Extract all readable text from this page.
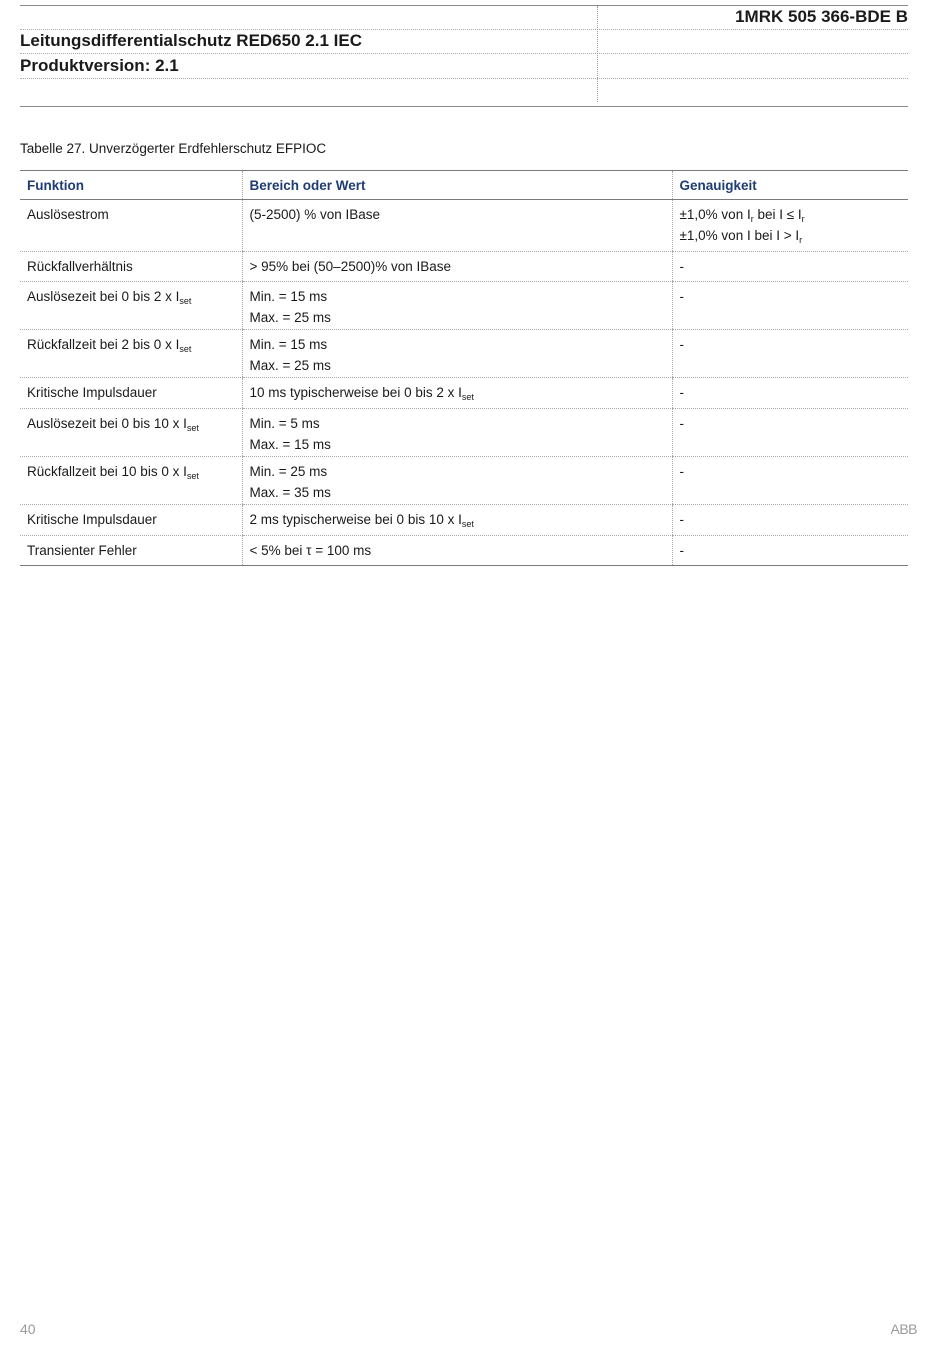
1MRK 505 366-BDE B
Leitungsdifferentialschutz RED650 2.1 IEC
Produktversion: 2.1
Tabelle 27. Unverzögerter Erdfehlerschutz EFPIOC
Funktion	Bereich oder Wert	Genauigkeit

Auslösestrom	(5-2500) % von IBase	±1,0% von $I_r$ bei $I \le I_r$
±1,0% von I bei $I > I_r$

Rückfallverhältnis	> 95% bei (50–2500)% von IBase	-

Auslösezeit bei 0 bis 2 x $I_{set}$	Min. = 15 ms
Max. = 25 ms	-

Rückfallzeit bei 2 bis 0 x $I_{set}$	Min. = 15 ms
Max. = 25 ms	-

Kritische Impulsdauer	10 ms typischerweise bei 0 bis 2 x $I_{set}$	-

Auslösezeit bei 0 bis 10 x $I_{set}$	Min. = 5 ms
Max. = 15 ms	-

Rückfallzeit bei 10 bis 0 x $I_{set}$	Min. = 25 ms
Max. = 35 ms	-

Kritische Impulsdauer	2 ms typischerweise bei 0 bis 10 x $I_{set}$	-

Transienter Fehler	< 5% bei τ = 100 ms	-
40	ABB
